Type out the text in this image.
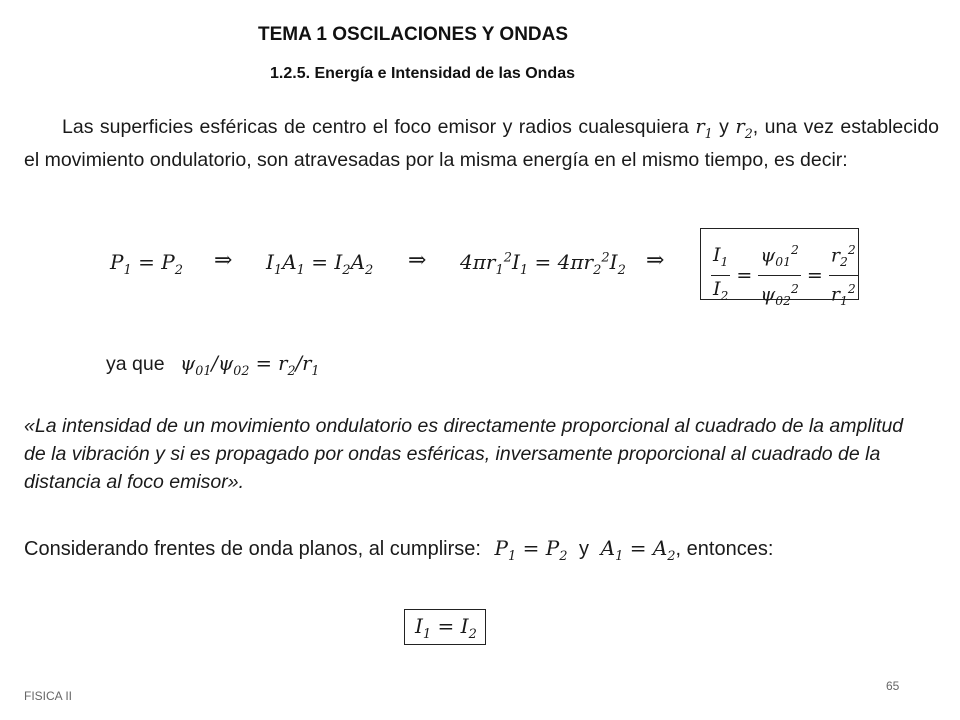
TEMA 1 OSCILACIONES Y ONDAS
1.2.5. Energía e Intensidad de las Ondas
Las superficies esféricas de centro el foco emisor y radios cualesquiera $r_1$ y $r_2$, una vez establecido el movimiento ondulatorio, son atravesadas por la misma energía en el mismo tiempo, es decir:
$P_1 = P_2$ ⇒ $I_1A_1 = I_2A_2$ ⇒ $4\pi r_1^2I_1 = 4\pi r_2^2I_2$ ⇒ $\frac{I_1}{I_2} = \frac{\psi_{01}^2}{\psi_{02}^2} = \frac{r_2^2}{r_1^2}$
ya que $\psi_{01}/\psi_{02} = r_2/r_1$
«La intensidad de un movimiento ondulatorio es directamente proporcional al cuadrado de la amplitud de la vibración y si es propagado por ondas esféricas, inversamente proporcional al cuadrado de la distancia al foco emisor».
Considerando frentes de onda planos, al cumplirse: $P_1 = P_2$ y $A_1 = A_2$, entonces:
$I_1 = I_2$
FISICA II
65
